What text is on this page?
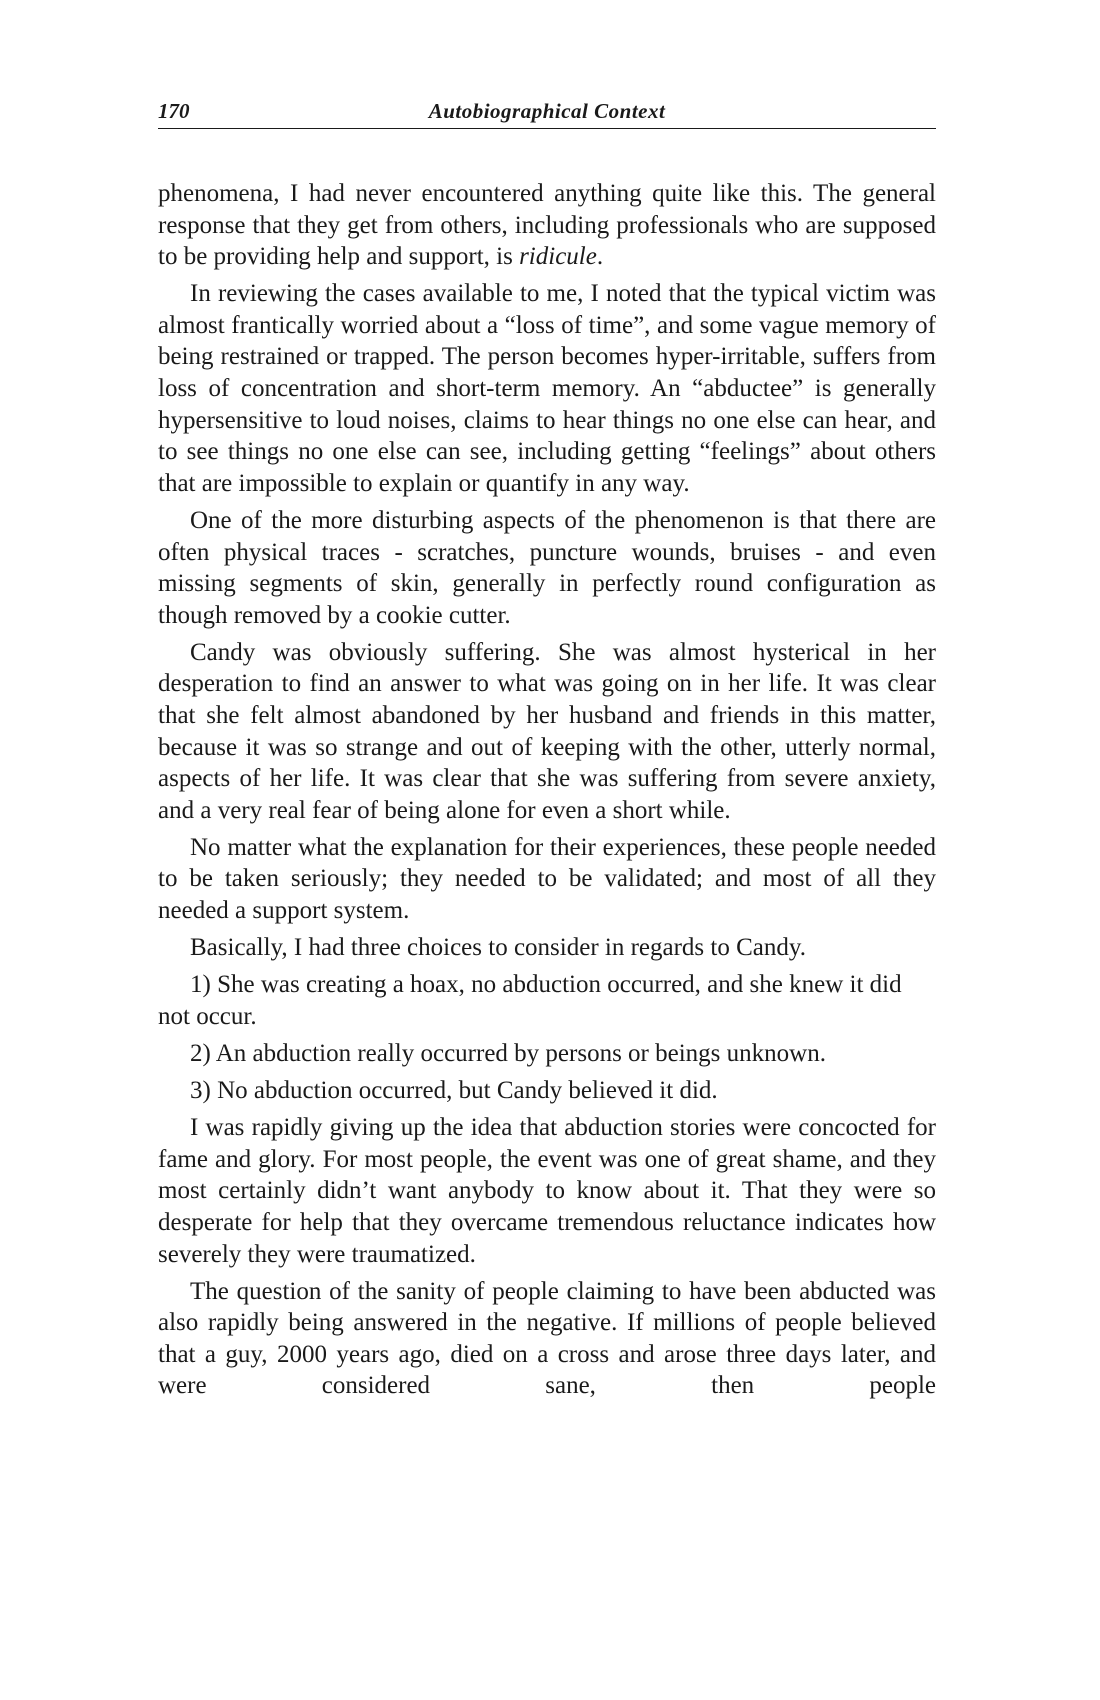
170	Autobiographical Context

phenomena, I had never encountered anything quite like this. The general response that they get from others, including professionals who are supposed to be providing help and support, is ridicule.

In reviewing the cases available to me, I noted that the typical victim was almost frantically worried about a “loss of time”, and some vague memory of being restrained or trapped. The person becomes hyper-irritable, suffers from loss of concentration and short-term memory. An “abductee” is generally hypersensitive to loud noises, claims to hear things no one else can hear, and to see things no one else can see, including getting “feelings” about others that are impossible to explain or quantify in any way.

One of the more disturbing aspects of the phenomenon is that there are often physical traces - scratches, puncture wounds, bruises - and even missing segments of skin, generally in perfectly round configuration as though removed by a cookie cutter.

Candy was obviously suffering. She was almost hysterical in her desperation to find an answer to what was going on in her life. It was clear that she felt almost abandoned by her husband and friends in this matter, because it was so strange and out of keeping with the other, utterly normal, aspects of her life. It was clear that she was suffering from severe anxiety, and a very real fear of being alone for even a short while.

No matter what the explanation for their experiences, these people needed to be taken seriously; they needed to be validated; and most of all they needed a support system.

Basically, I had three choices to consider in regards to Candy.

1) She was creating a hoax, no abduction occurred, and she knew it did not occur.

2) An abduction really occurred by persons or beings unknown.

3) No abduction occurred, but Candy believed it did.

I was rapidly giving up the idea that abduction stories were concocted for fame and glory. For most people, the event was one of great shame, and they most certainly didn’t want anybody to know about it. That they were so desperate for help that they overcame tremendous reluctance indicates how severely they were traumatized.

The question of the sanity of people claiming to have been abducted was also rapidly being answered in the negative. If millions of people believed that a guy, 2000 years ago, died on a cross and arose three days later, and were considered sane, then people
